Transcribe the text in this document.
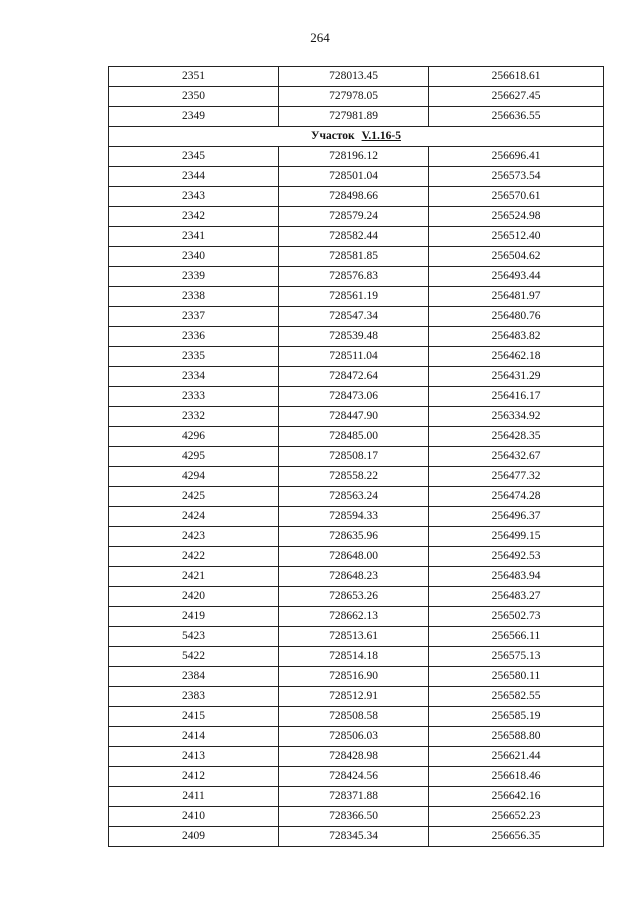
264
2351	728013.45	256618.61
2350	727978.05	256627.45
2349	727981.89	256636.55
Участок V.1.16-5		
2345	728196.12	256696.41
2344	728501.04	256573.54
2343	728498.66	256570.61
2342	728579.24	256524.98
2341	728582.44	256512.40
2340	728581.85	256504.62
2339	728576.83	256493.44
2338	728561.19	256481.97
2337	728547.34	256480.76
2336	728539.48	256483.82
2335	728511.04	256462.18
2334	728472.64	256431.29
2333	728473.06	256416.17
2332	728447.90	256334.92
4296	728485.00	256428.35
4295	728508.17	256432.67
4294	728558.22	256477.32
2425	728563.24	256474.28
2424	728594.33	256496.37
2423	728635.96	256499.15
2422	728648.00	256492.53
2421	728648.23	256483.94
2420	728653.26	256483.27
2419	728662.13	256502.73
5423	728513.61	256566.11
5422	728514.18	256575.13
2384	728516.90	256580.11
2383	728512.91	256582.55
2415	728508.58	256585.19
2414	728506.03	256588.80
2413	728428.98	256621.44
2412	728424.56	256618.46
2411	728371.88	256642.16
2410	728366.50	256652.23
2409	728345.34	256656.35
